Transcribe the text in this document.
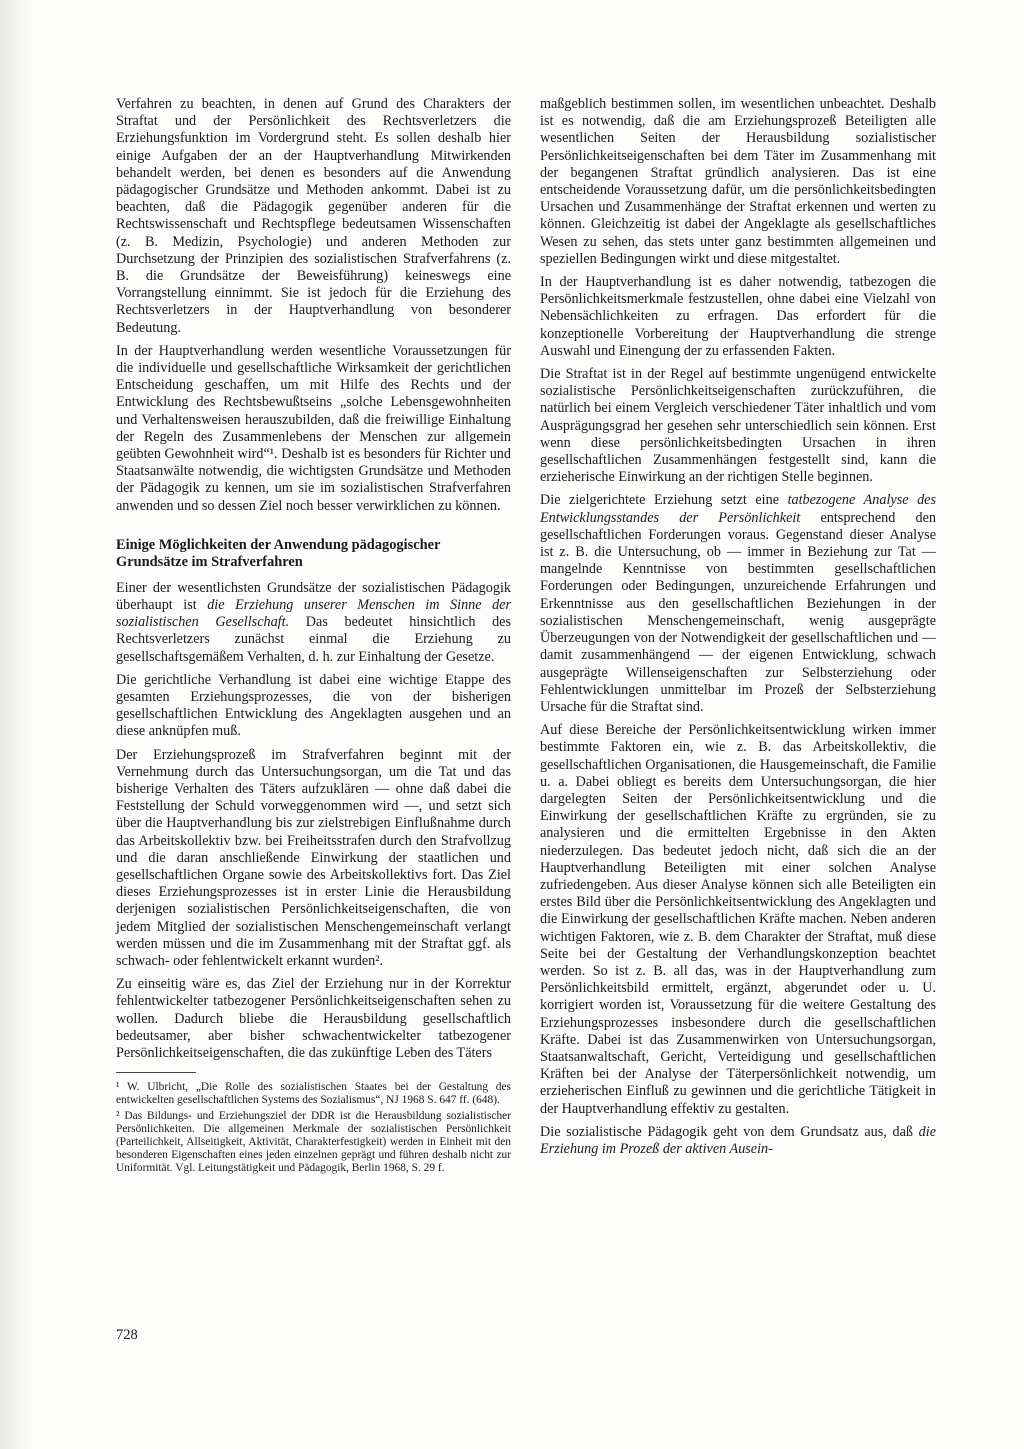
Verfahren zu beachten, in denen auf Grund des Charakters der Straftat und der Persönlichkeit des Rechtsverletzers die Erziehungsfunktion im Vordergrund steht. Es sollen deshalb hier einige Aufgaben der an der Hauptverhandlung Mitwirkenden behandelt werden, bei denen es besonders auf die Anwendung pädagogischer Grundsätze und Methoden ankommt. Dabei ist zu beachten, daß die Pädagogik gegenüber anderen für die Rechtswissenschaft und Rechtspflege bedeutsamen Wissenschaften (z. B. Medizin, Psychologie) und anderen Methoden zur Durchsetzung der Prinzipien des sozialistischen Strafverfahrens (z. B. die Grundsätze der Beweisführung) keineswegs eine Vorrangstellung einnimmt. Sie ist jedoch für die Erziehung des Rechtsverletzers in der Hauptverhandlung von besonderer Bedeutung.

In der Hauptverhandlung werden wesentliche Voraussetzungen für die individuelle und gesellschaftliche Wirksamkeit der gerichtlichen Entscheidung geschaffen, um mit Hilfe des Rechts und der Entwicklung des Rechtsbewußtseins „solche Lebensgewohnheiten und Verhaltensweisen herauszubilden, daß die freiwillige Einhaltung der Regeln des Zusammenlebens der Menschen zur allgemein geübten Gewohnheit wird“¹. Deshalb ist es besonders für Richter und Staatsanwälte notwendig, die wichtigsten Grundsätze und Methoden der Pädagogik zu kennen, um sie im sozialistischen Strafverfahren anwenden und so dessen Ziel noch besser verwirklichen zu können.

Einige Möglichkeiten der Anwendung pädagogischer Grundsätze im Strafverfahren

Einer der wesentlichsten Grundsätze der sozialistischen Pädagogik überhaupt ist die Erziehung unserer Menschen im Sinne der sozialistischen Gesellschaft. Das bedeutet hinsichtlich des Rechtsverletzers zunächst einmal die Erziehung zu gesellschaftsgemäßem Verhalten, d. h. zur Einhaltung der Gesetze.

Die gerichtliche Verhandlung ist dabei eine wichtige Etappe des gesamten Erziehungsprozesses, die von der bisherigen gesellschaftlichen Entwicklung des Angeklagten ausgehen und an diese anknüpfen muß.

Der Erziehungsprozeß im Strafverfahren beginnt mit der Vernehmung durch das Untersuchungsorgan, um die Tat und das bisherige Verhalten des Täters aufzuklären — ohne daß dabei die Feststellung der Schuld vorweggenommen wird —, und setzt sich über die Hauptverhandlung bis zur zielstrebigen Einflußnahme durch das Arbeitskollektiv bzw. bei Freiheitsstrafen durch den Strafvollzug und die daran anschließende Einwirkung der staatlichen und gesellschaftlichen Organe sowie des Arbeitskollektivs fort. Das Ziel dieses Erziehungsprozesses ist in erster Linie die Herausbildung derjenigen sozialistischen Persönlichkeitseigenschaften, die von jedem Mitglied der sozialistischen Menschengemeinschaft verlangt werden müssen und die im Zusammenhang mit der Straftat ggf. als schwach- oder fehlentwickelt erkannt wurden².

Zu einseitig wäre es, das Ziel der Erziehung nur in der Korrektur fehlentwickelter tatbezogener Persönlichkeitseigenschaften sehen zu wollen. Dadurch bliebe die Herausbildung gesellschaftlich bedeutsamer, aber bisher schwachentwickelter tatbezogener Persönlichkeitseigenschaften, die das zukünftige Leben des Täters

¹ W. Ulbricht, „Die Rolle des sozialistischen Staates bei der Gestaltung des entwickelten gesellschaftlichen Systems des Sozialismus“, NJ 1968 S. 647 ff. (648).

² Das Bildungs- und Erziehungsziel der DDR ist die Herausbildung sozialistischer Persönlichkeiten. Die allgemeinen Merkmale der sozialistischen Persönlichkeit (Parteilichkeit, Allseitigkeit, Aktivität, Charakterfestigkeit) werden in Einheit mit den besonderen Eigenschaften eines jeden einzelnen geprägt und führen deshalb nicht zur Uniformität. Vgl. Leitungstätigkeit und Pädagogik, Berlin 1968, S. 29 f.

maßgeblich bestimmen sollen, im wesentlichen unbeachtet. Deshalb ist es notwendig, daß die am Erziehungsprozeß Beteiligten alle wesentlichen Seiten der Herausbildung sozialistischer Persönlichkeitseigenschaften bei dem Täter im Zusammenhang mit der begangenen Straftat gründlich analysieren. Das ist eine entscheidende Voraussetzung dafür, um die persönlichkeitsbedingten Ursachen und Zusammenhänge der Straftat erkennen und werten zu können. Gleichzeitig ist dabei der Angeklagte als gesellschaftliches Wesen zu sehen, das stets unter ganz bestimmten allgemeinen und speziellen Bedingungen wirkt und diese mitgestaltet.

In der Hauptverhandlung ist es daher notwendig, tatbezogen die Persönlichkeitsmerkmale festzustellen, ohne dabei eine Vielzahl von Nebensächlichkeiten zu erfragen. Das erfordert für die konzeptionelle Vorbereitung der Hauptverhandlung die strenge Auswahl und Einengung der zu erfassenden Fakten.

Die Straftat ist in der Regel auf bestimmte ungenügend entwickelte sozialistische Persönlichkeitseigenschaften zurückzuführen, die natürlich bei einem Vergleich verschiedener Täter inhaltlich und vom Ausprägungsgrad her gesehen sehr unterschiedlich sein können. Erst wenn diese persönlichkeitsbedingten Ursachen in ihren gesellschaftlichen Zusammenhängen festgestellt sind, kann die erzieherische Einwirkung an der richtigen Stelle beginnen.

Die zielgerichtete Erziehung setzt eine tatbezogene Analyse des Entwicklungsstandes der Persönlichkeit entsprechend den gesellschaftlichen Forderungen voraus. Gegenstand dieser Analyse ist z. B. die Untersuchung, ob — immer in Beziehung zur Tat — mangelnde Kenntnisse von bestimmten gesellschaftlichen Forderungen oder Bedingungen, unzureichende Erfahrungen und Erkenntnisse aus den gesellschaftlichen Beziehungen in der sozialistischen Menschengemeinschaft, wenig ausgeprägte Überzeugungen von der Notwendigkeit der gesellschaftlichen und — damit zusammenhängend — der eigenen Entwicklung, schwach ausgeprägte Willenseigenschaften zur Selbsterziehung oder Fehlentwicklungen unmittelbar im Prozeß der Selbsterziehung Ursache für die Straftat sind.

Auf diese Bereiche der Persönlichkeitsentwicklung wirken immer bestimmte Faktoren ein, wie z. B. das Arbeitskollektiv, die gesellschaftlichen Organisationen, die Hausgemeinschaft, die Familie u. a. Dabei obliegt es bereits dem Untersuchungsorgan, die hier dargelegten Seiten der Persönlichkeitsentwicklung und die Einwirkung der gesellschaftlichen Kräfte zu ergründen, sie zu analysieren und die ermittelten Ergebnisse in den Akten niederzulegen. Das bedeutet jedoch nicht, daß sich die an der Hauptverhandlung Beteiligten mit einer solchen Analyse zufriedengeben. Aus dieser Analyse können sich alle Beteiligten ein erstes Bild über die Persönlichkeitsentwicklung des Angeklagten und die Einwirkung der gesellschaftlichen Kräfte machen. Neben anderen wichtigen Faktoren, wie z. B. dem Charakter der Straftat, muß diese Seite bei der Gestaltung der Verhandlungskonzeption beachtet werden. So ist z. B. all das, was in der Hauptverhandlung zum Persönlichkeitsbild ermittelt, ergänzt, abgerundet oder u. U. korrigiert worden ist, Voraussetzung für die weitere Gestaltung des Erziehungsprozesses insbesondere durch die gesellschaftlichen Kräfte. Dabei ist das Zusammenwirken von Untersuchungsorgan, Staatsanwaltschaft, Gericht, Verteidigung und gesellschaftlichen Kräften bei der Analyse der Täterpersönlichkeit notwendig, um erzieherischen Einfluß zu gewinnen und die gerichtliche Tätigkeit in der Hauptverhandlung effektiv zu gestalten.

Die sozialistische Pädagogik geht von dem Grundsatz aus, daß die Erziehung im Prozeß der aktiven Ausein-

728
